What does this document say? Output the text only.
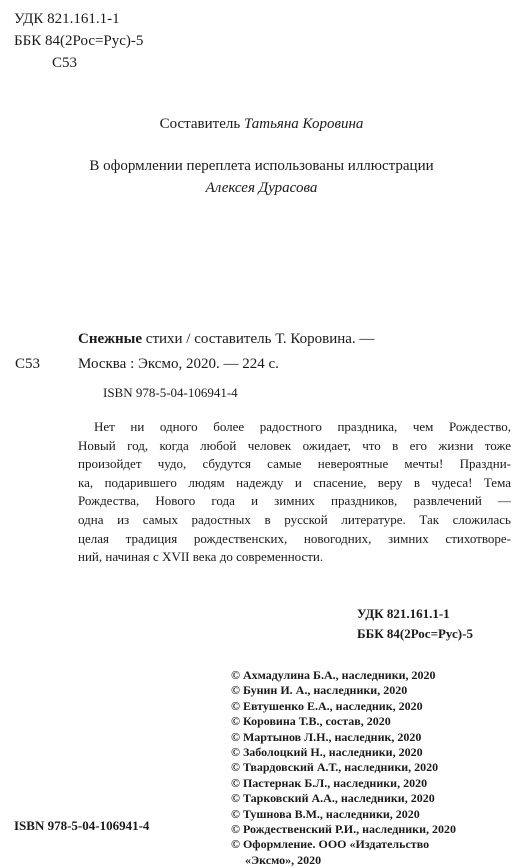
УДК 821.161.1-1
ББК 84(2Рос=Рус)-5
С53
Составитель Татьяна Коровина
В оформлении переплета использованы иллюстрации
Алексея Дурасова
Снежные стихи / составитель Т. Коровина. —
С53	Москва : Эксмо, 2020. — 224 с.
ISBN 978-5-04-106941-4
Нет ни одного более радостного праздника, чем Рождество, Новый год, когда любой человек ожидает, что в его жизни тоже произойдет чудо, сбудутся самые невероятные мечты! Праздни- ка, подарившего людям надежду и спасение, веру в чудеса! Тема Рождества, Нового года и зимних праздников, развлечений — одна из самых радостных в русской литературе. Так сложилась целая традиция рождественских, новогодних, зимних стихотворе- ний, начиная с XVII века до современности.
УДК 821.161.1-1
ББК 84(2Рос=Рус)-5
© Ахмадулина Б.А., наследники, 2020
© Бунин И. А., наследники, 2020
© Евтушенко Е.А., наследник, 2020
© Коровина Т.В., состав, 2020
© Мартынов Л.Н., наследник, 2020
© Заболоцкий Н., наследники, 2020
© Твардовский А.Т., наследники, 2020
© Пастернак Б.Л., наследники, 2020
© Тарковский А.А., наследники, 2020
© Тушнова В.М., наследники, 2020
© Рождественский Р.И., наследники, 2020
© Оформление. ООО «Издательство
«Эксмо», 2020
ISBN 978-5-04-106941-4
